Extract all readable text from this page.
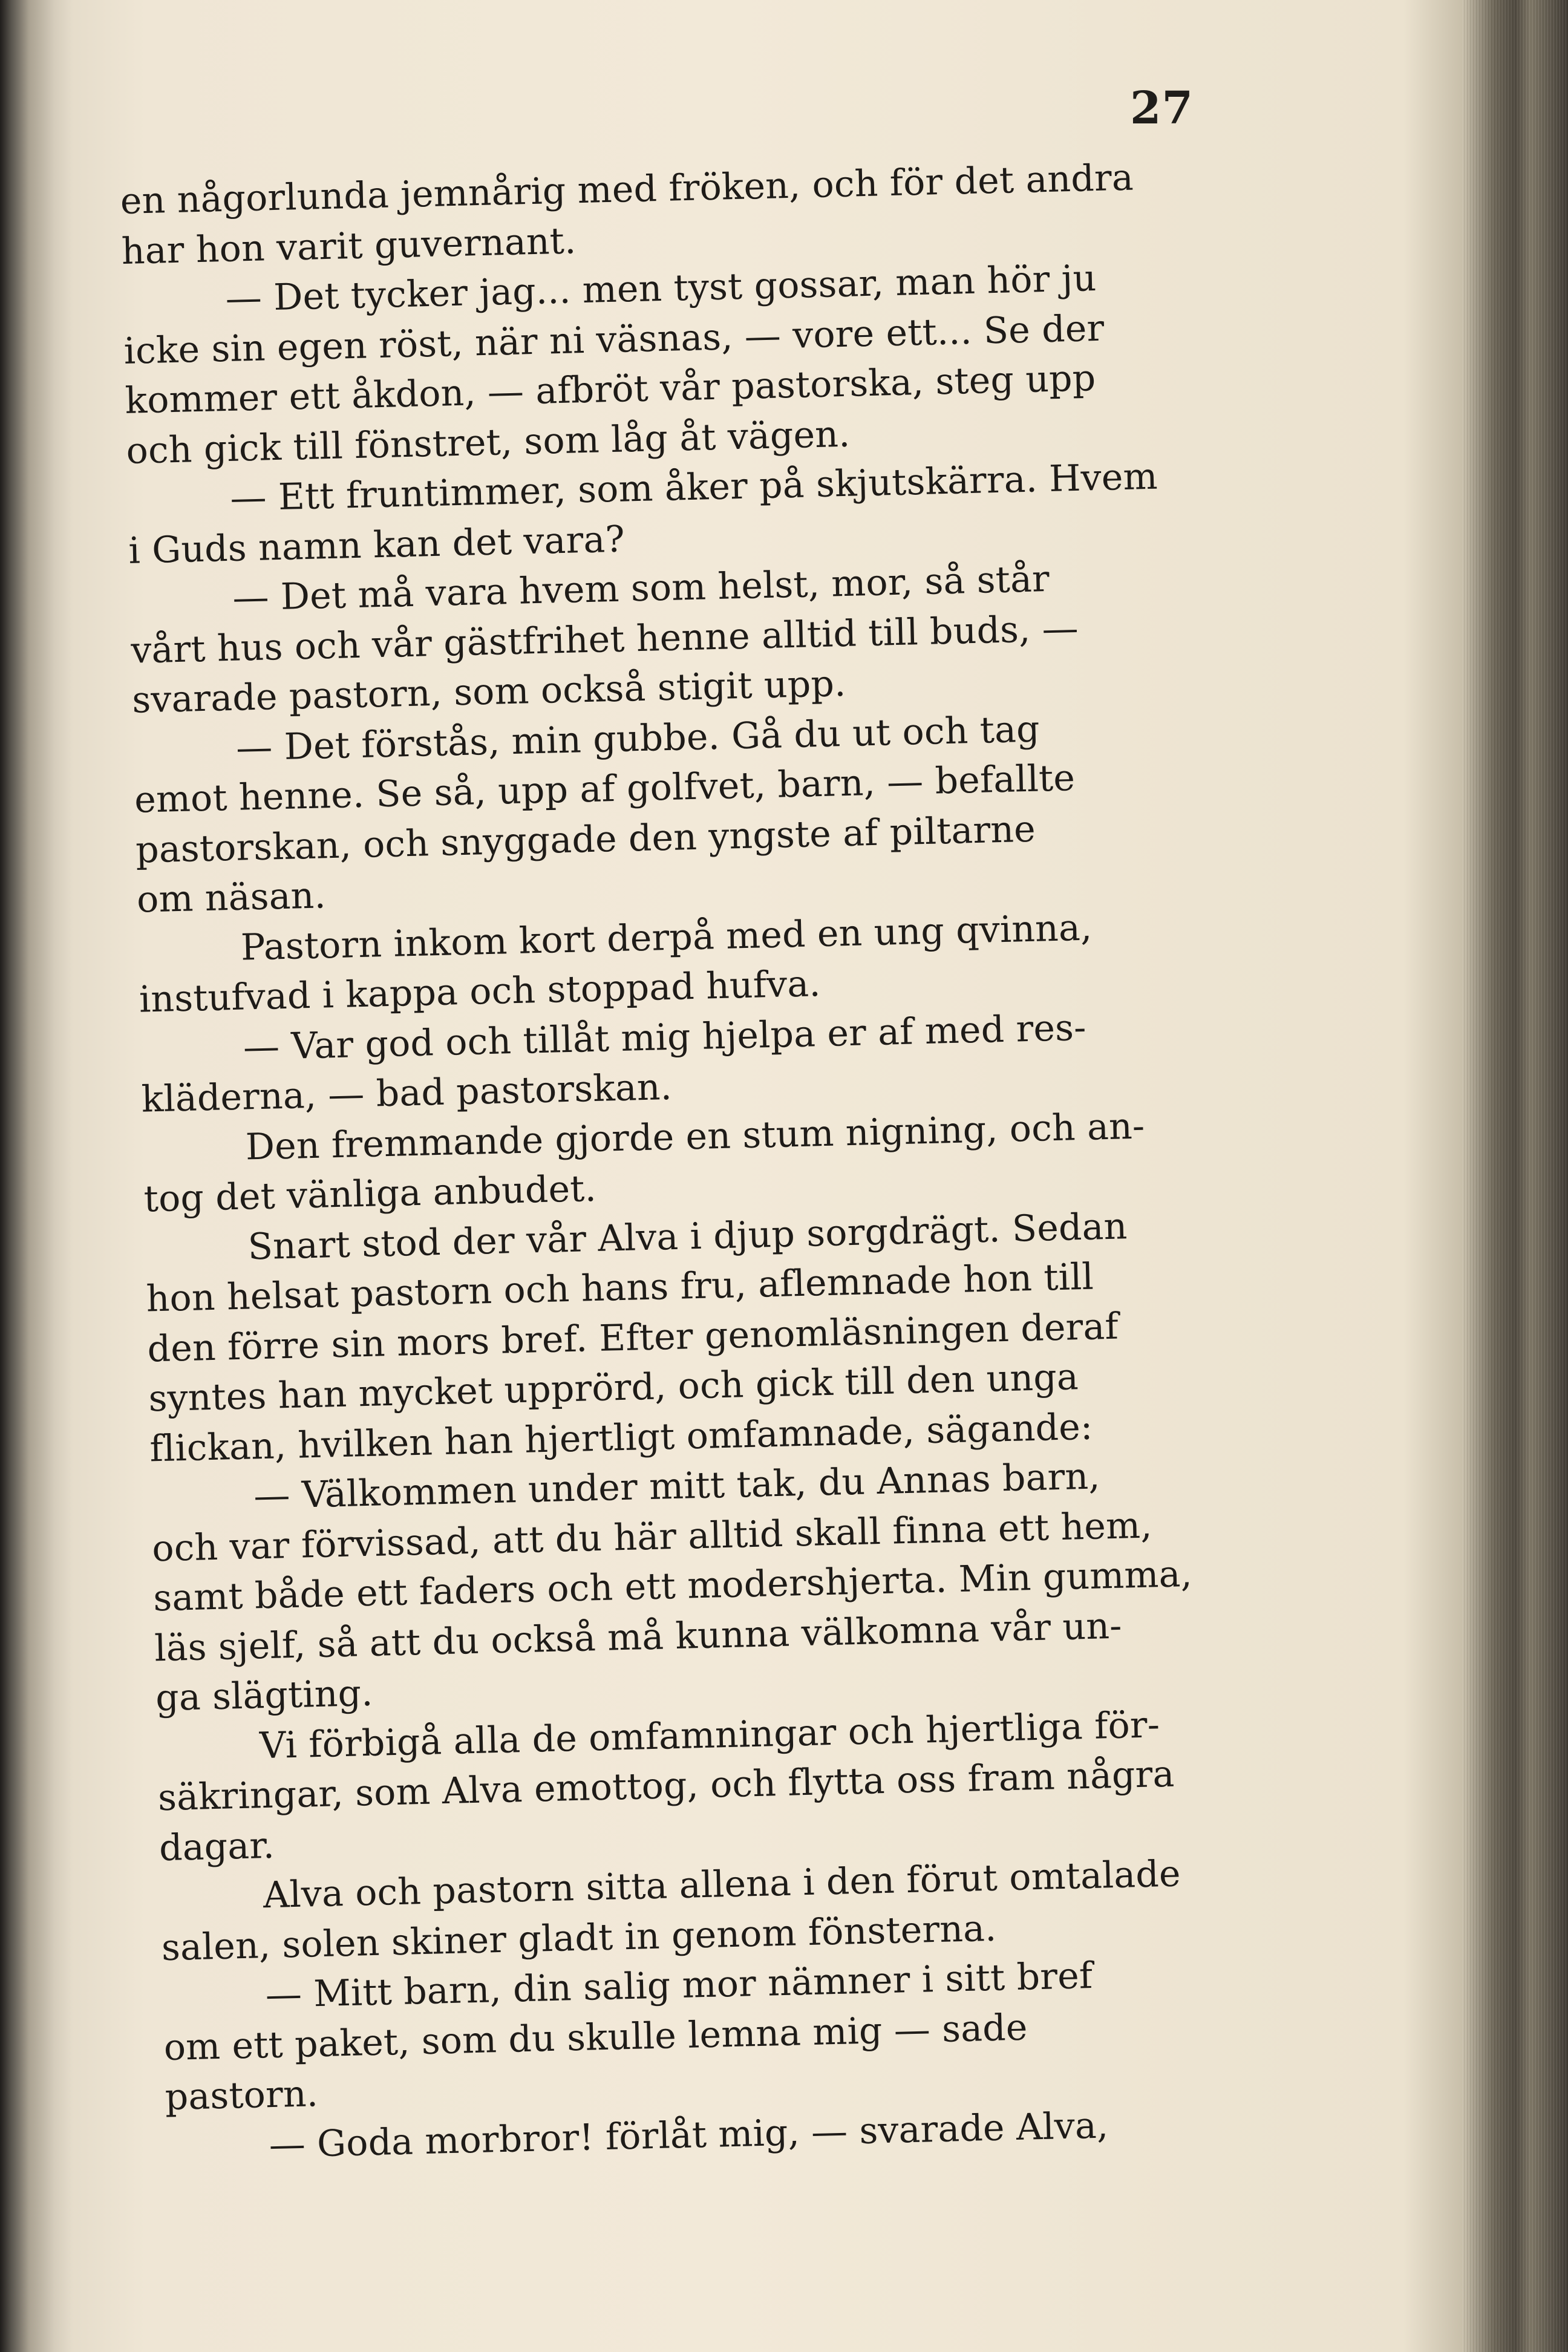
27

en någorlunda jemnårig med fröken, och för det andra

har hon varit guvernant.

— Det tycker jag... men tyst gossar, man hör ju

icke sin egen röst, när ni väsnas, — vore ett... Se der

kommer ett åkdon, — afbröt vår pastorska, steg upp

och gick till fönstret, som låg åt vägen.

— Ett fruntimmer, som åker på skjutskärra. Hvem

i Guds namn kan det vara?

— Det må vara hvem som helst, mor, så står

vårt hus och vår gästfrihet henne alltid till buds, —

svarade pastorn, som också stigit upp.

— Det förstås, min gubbe. Gå du ut och tag

emot henne. Se så, upp af golfvet, barn, — befallte

pastorskan, och snyggade den yngste af piltarne

om näsan.

Pastorn inkom kort derpå med en ung qvinna,

instufvad i kappa och stoppad hufva.

— Var god och tillåt mig hjelpa er af med res-

kläderna, — bad pastorskan.

Den fremmande gjorde en stum nigning, och an-

tog det vänliga anbudet.

Snart stod der vår Alva i djup sorgdrägt. Sedan

hon helsat pastorn och hans fru, aflemnade hon till

den förre sin mors bref. Efter genomläsningen deraf

syntes han mycket upprörd, och gick till den unga

flickan, hvilken han hjertligt omfamnade, sägande:

— Välkommen under mitt tak, du Annas barn,

och var förvissad, att du här alltid skall finna ett hem,

samt både ett faders och ett modershjerta. Min gumma,

läs sjelf, så att du också må kunna välkomna vår un-

ga slägting.

Vi förbigå alla de omfamningar och hjertliga för-

säkringar, som Alva emottog, och flytta oss fram några

dagar.

Alva och pastorn sitta allena i den förut omtalade

salen, solen skiner gladt in genom fönsterna.

— Mitt barn, din salig mor nämner i sitt bref

om ett paket, som du skulle lemna mig — sade

pastorn.

— Goda morbror! förlåt mig, — svarade Alva,
